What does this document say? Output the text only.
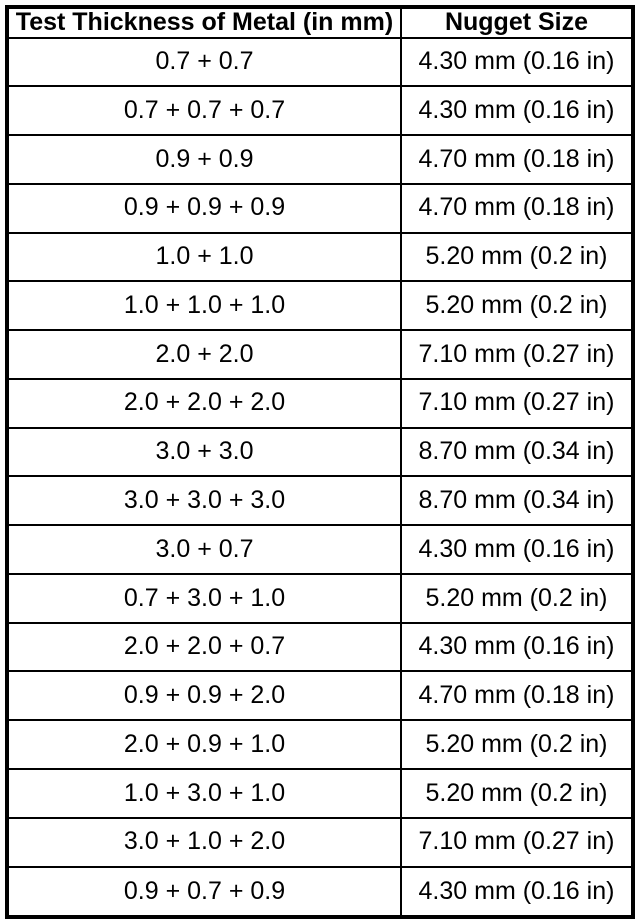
Test Thickness of Metal (in mm)	Nugget Size
0.7 + 0.7	4.30 mm (0.16 in)
0.7 + 0.7 + 0.7	4.30 mm (0.16 in)
0.9 + 0.9	4.70 mm (0.18 in)
0.9 + 0.9 + 0.9	4.70 mm (0.18 in)
1.0 + 1.0	5.20 mm (0.2 in)
1.0 + 1.0 + 1.0	5.20 mm (0.2 in)
2.0 + 2.0	7.10 mm (0.27 in)
2.0 + 2.0 + 2.0	7.10 mm (0.27 in)
3.0 + 3.0	8.70 mm (0.34 in)
3.0 + 3.0 + 3.0	8.70 mm (0.34 in)
3.0 + 0.7	4.30 mm (0.16 in)
0.7 + 3.0 + 1.0	5.20 mm (0.2 in)
2.0 + 2.0 + 0.7	4.30 mm (0.16 in)
0.9 + 0.9 + 2.0	4.70 mm (0.18 in)
2.0 + 0.9 + 1.0	5.20 mm (0.2 in)
1.0 + 3.0 + 1.0	5.20 mm (0.2 in)
3.0 + 1.0 + 2.0	7.10 mm (0.27 in)
0.9 + 0.7 + 0.9	4.30 mm (0.16 in)
